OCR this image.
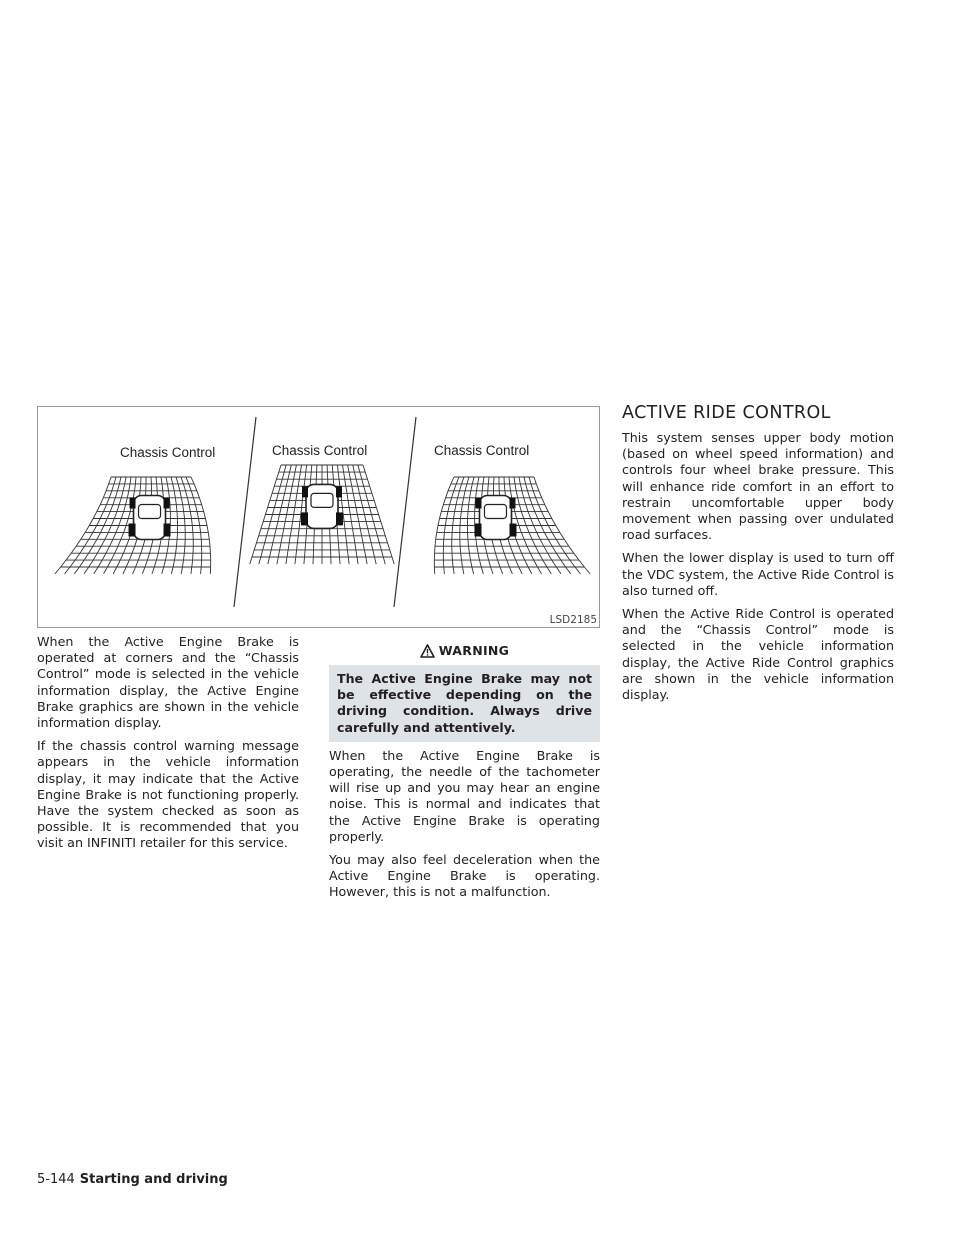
Chassis Control	Chassis Control	Chassis Control
LSD2185

When the Active Engine Brake is operated at corners and the “Chassis Control” mode is selected in the vehicle information display, the Active Engine Brake graphics are shown in the vehicle information display.

If the chassis control warning message appears in the vehicle information display, it may indicate that the Active Engine Brake is not functioning properly. Have the system checked as soon as possible. It is recommended that you visit an INFINITI retailer for this service.

WARNING
The Active Engine Brake may not be effective depending on the driving condition. Always drive carefully and attentively.

When the Active Engine Brake is operating, the needle of the tachometer will rise up and you may hear an engine noise. This is normal and indicates that the Active Engine Brake is operating properly.

You may also feel deceleration when the Active Engine Brake is operating. However, this is not a malfunction.

ACTIVE RIDE CONTROL

This system senses upper body motion (based on wheel speed information) and controls four wheel brake pressure. This will enhance ride comfort in an effort to restrain uncomfortable upper body movement when passing over undulated road surfaces.

When the lower display is used to turn off the VDC system, the Active Ride Control is also turned off.

When the Active Ride Control is operated and the “Chassis Control” mode is selected in the vehicle information display, the Active Ride Control graphics are shown in the vehicle information display.

5-144 Starting and driving
